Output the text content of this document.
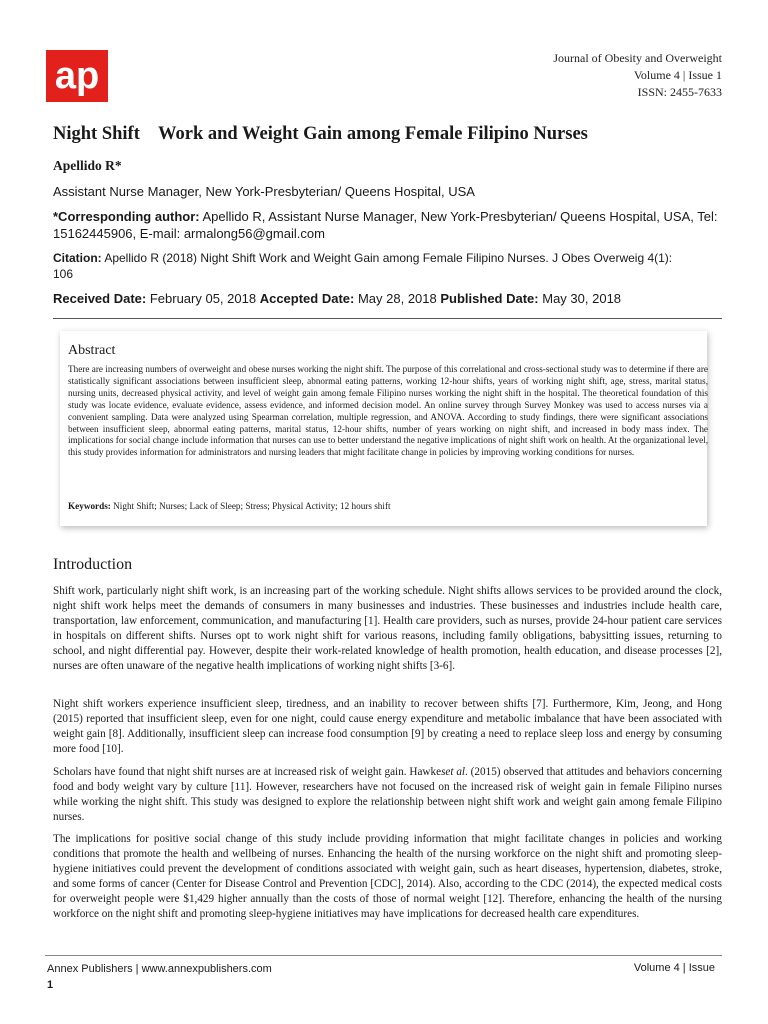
ap	Journal of Obesity and Overweight
Volume 4 | Issue 1
ISSN: 2455-7633
Night Shift    Work and Weight Gain among Female Filipino Nurses

Apellido R*

Assistant Nurse Manager, New York-Presbyterian/ Queens Hospital, USA

*Corresponding author: Apellido R, Assistant Nurse Manager, New York-Presbyterian/ Queens Hospital, USA, Tel: 15162445906, E-mail: armalong56@gmail.com

Citation: Apellido R (2018) Night Shift Work and Weight Gain among Female Filipino Nurses. J Obes Overweig 4(1): 106

Received Date: February 05, 2018 Accepted Date: May 28, 2018 Published Date: May 30, 2018

Abstract

There are increasing numbers of overweight and obese nurses working the night shift. The purpose of this correlational and cross-sectional study was to determine if there are statistically significant associations between insufficient sleep, abnormal eating patterns, working 12-hour shifts, years of working night shift, age, stress, marital status, nursing units, decreased physical activity, and level of weight gain among female Filipino nurses working the night shift in the hospital. The theoretical foundation of this study was locate evidence, evaluate evidence, assess evidence, and informed decision model. An online survey through Survey Monkey was used to access nurses via a convenient sampling. Data were analyzed using Spearman correlation, multiple regression, and ANOVA. According to study findings, there were significant associations between insufficient sleep, abnormal eating patterns, marital status, 12-hour shifts, number of years working on night shift, and increased in body mass index. The implications for social change include information that nurses can use to better understand the negative implications of night shift work on health. At the organizational level, this study provides information for administrators and nursing leaders that might facilitate change in policies by improving working conditions for nurses.

Keywords: Night Shift; Nurses; Lack of Sleep; Stress; Physical Activity; 12 hours shift

Introduction

Shift work, particularly night shift work, is an increasing part of the working schedule. Night shifts allows services to be provided around the clock, night shift work helps meet the demands of consumers in many businesses and industries. These businesses and industries include health care, transportation, law enforcement, communication, and manufacturing [1]. Health care providers, such as nurses, provide 24-hour patient care services in hospitals on different shifts. Nurses opt to work night shift for various reasons, including family obligations, babysitting issues, returning to school, and night differential pay. However, despite their work-related knowledge of health promotion, health education, and disease processes [2], nurses are often unaware of the negative health implications of working night shifts [3-6].

Night shift workers experience insufficient sleep, tiredness, and an inability to recover between shifts [7]. Furthermore, Kim, Jeong, and Hong (2015) reported that insufficient sleep, even for one night, could cause energy expenditure and metabolic imbalance that have been associated with weight gain [8]. Additionally, insufficient sleep can increase food consumption [9] by creating a need to replace sleep loss and energy by consuming more food [10].

Scholars have found that night shift nurses are at increased risk of weight gain. Hawkeset al. (2015) observed that attitudes and behaviors concerning food and body weight vary by culture [11]. However, researchers have not focused on the increased risk of weight gain in female Filipino nurses while working the night shift. This study was designed to explore the relationship between night shift work and weight gain among female Filipino nurses.

The implications for positive social change of this study include providing information that might facilitate changes in policies and working conditions that promote the health and wellbeing of nurses. Enhancing the health of the nursing workforce on the night shift and promoting sleep-hygiene initiatives could prevent the development of conditions associated with weight gain, such as heart diseases, hypertension, diabetes, stroke, and some forms of cancer (Center for Disease Control and Prevention [CDC], 2014). Also, according to the CDC (2014), the expected medical costs for overweight people were $1,429 higher annually than the costs of those of normal weight [12]. Therefore, enhancing the health of the nursing workforce on the night shift and promoting sleep-hygiene initiatives may have implications for decreased health care expenditures.

Annex Publishers | www.annexpublishers.com

1

Volume 4 | Issue
